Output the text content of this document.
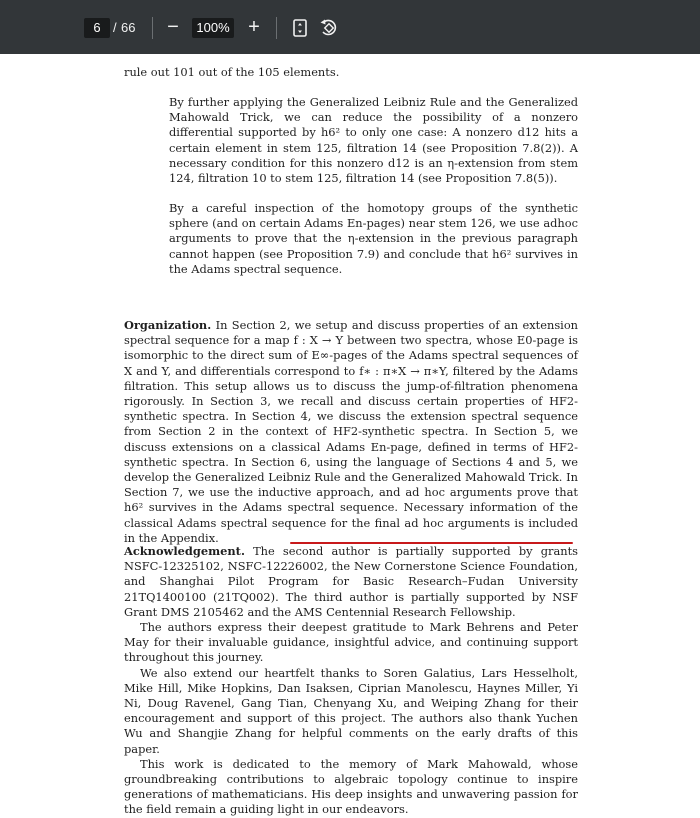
6 / 66 −	100% +

rule out 101 out of the 105 elements.

By further applying the Generalized Leibniz Rule and the Generalized Mahowald Trick, we can reduce the possibility of a nonzero differential supported by h6² to only one case: A nonzero d12 hits a certain element in stem 125, filtration 14 (see Proposition 7.8(2)). A necessary condition for this nonzero d12 is an η-extension from stem 124, filtration 10 to stem 125, filtration 14 (see Proposition 7.8(5)).

By a careful inspection of the homotopy groups of the synthetic sphere (and on certain Adams En-pages) near stem 126, we use adhoc arguments to prove that the η-extension in the previous paragraph cannot happen (see Proposition 7.9) and conclude that h6² survives in the Adams spectral sequence.

Organization. In Section 2, we setup and discuss properties of an extension spectral sequence for a map f : X → Y between two spectra, whose E0-page is isomorphic to the direct sum of E∞-pages of the Adams spectral sequences of X and Y, and differentials correspond to f∗ : π∗X → π∗Y, filtered by the Adams filtration. This setup allows us to discuss the jump-of-filtration phenomena rigorously. In Section 3, we recall and discuss certain properties of HF2-synthetic spectra. In Section 4, we discuss the extension spectral sequence from Section 2 in the context of HF2-synthetic spectra. In Section 5, we discuss extensions on a classical Adams En-page, defined in terms of HF2-synthetic spectra. In Section 6, using the language of Sections 4 and 5, we develop the Generalized Leibniz Rule and the Generalized Mahowald Trick. In Section 7, we use the inductive approach, and ad hoc arguments prove that h6² survives in the Adams spectral sequence. Necessary information of the classical Adams spectral sequence for the final ad hoc arguments is included in the Appendix.

Acknowledgement. The second author is partially supported by grants NSFC-12325102, NSFC-12226002, the New Cornerstone Science Foundation, and Shanghai Pilot Program for Basic Research–Fudan University 21TQ1400100 (21TQ002). The third author is partially supported by NSF Grant DMS 2105462 and the AMS Centennial Research Fellowship.

The authors express their deepest gratitude to Mark Behrens and Peter May for their invaluable guidance, insightful advice, and continuing support throughout this journey.

We also extend our heartfelt thanks to Soren Galatius, Lars Hesselholt, Mike Hill, Mike Hopkins, Dan Isaksen, Ciprian Manolescu, Haynes Miller, Yi Ni, Doug Ravenel, Gang Tian, Chenyang Xu, and Weiping Zhang for their encouragement and support of this project. The authors also thank Yuchen Wu and Shangjie Zhang for helpful comments on the early drafts of this paper.

This work is dedicated to the memory of Mark Mahowald, whose groundbreaking contributions to algebraic topology continue to inspire generations of mathematicians. His deep insights and unwavering passion for the field remain a guiding light in our endeavors.
